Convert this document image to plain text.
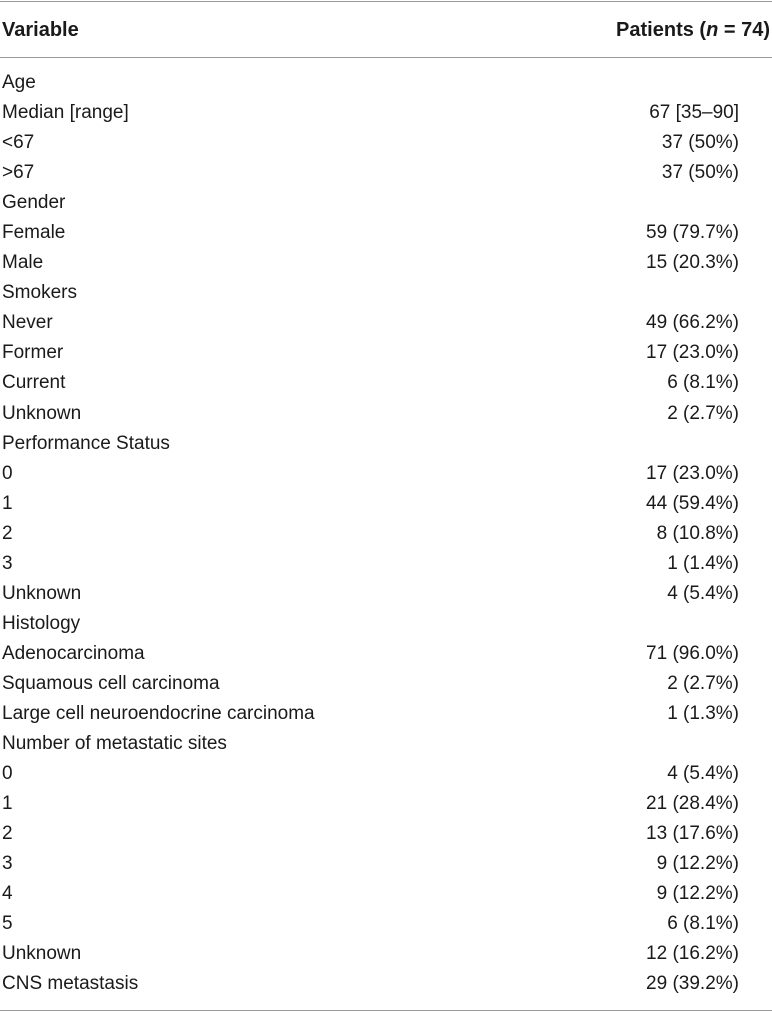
Variable	Patients (n = 74)
Age
Median [range]	67 [35–90]
<67	37 (50%)
>67	37 (50%)
Gender
Female	59 (79.7%)
Male	15 (20.3%)
Smokers
Never	49 (66.2%)
Former	17 (23.0%)
Current	6 (8.1%)
Unknown	2 (2.7%)
Performance Status
0	17 (23.0%)
1	44 (59.4%)
2	8 (10.8%)
3	1 (1.4%)
Unknown	4 (5.4%)
Histology
Adenocarcinoma	71 (96.0%)
Squamous cell carcinoma	2 (2.7%)
Large cell neuroendocrine carcinoma	1 (1.3%)
Number of metastatic sites
0	4 (5.4%)
1	21 (28.4%)
2	13 (17.6%)
3	9 (12.2%)
4	9 (12.2%)
5	6 (8.1%)
Unknown	12 (16.2%)
CNS metastasis	29 (39.2%)
